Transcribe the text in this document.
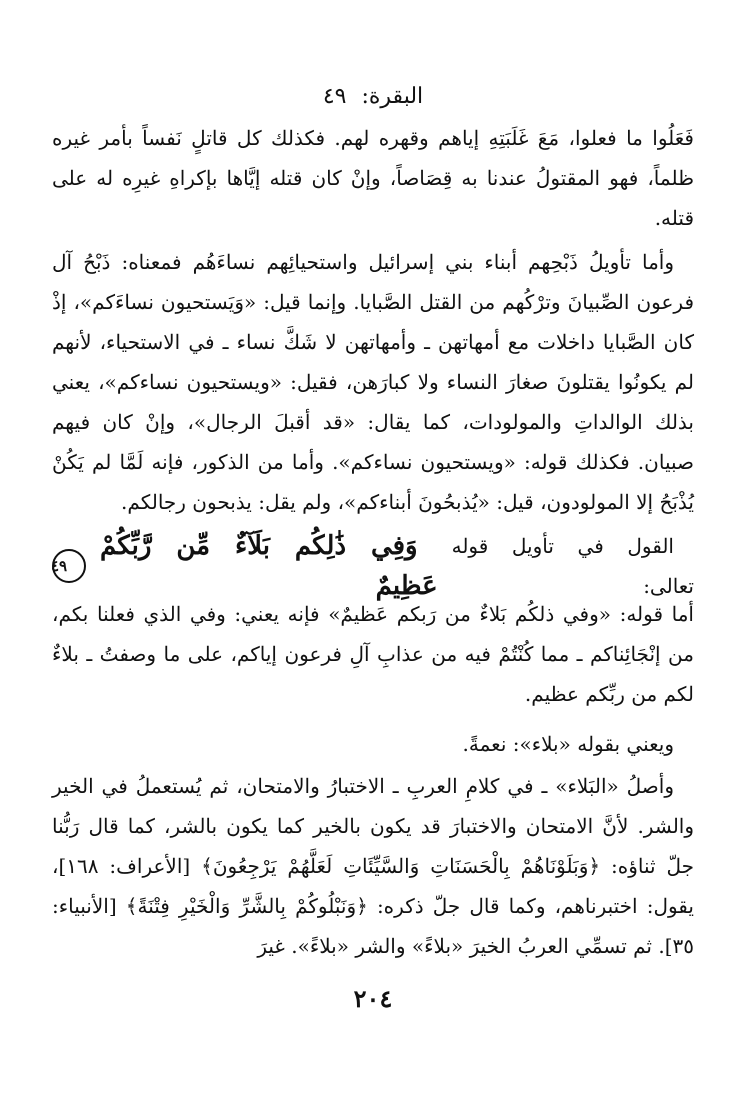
البقرة: ٤٩

فَعَلُوا ما فعلوا، مَعَ غَلَبَتِهِ إياهم وقهره لهم. فكذلك كل قاتلٍ نَفساً بأمر غيره ظلماً، فهو المقتولُ عندنا به قِصَاصاً، وإنْ كان قتله إيَّاها بإكراهِ غيرِه له على قتله.

وأما تأويلُ ذَبْحِهم أبناء بني إسرائيل واستحيائِهم نساءَهُم فمعناه: ذَبْحُ آل فرعون الصِّبيانَ وترْكُهم من القتل الصَّبايا. وإنما قيل: «وَيَستحيون نساءَكم»، إذْ كان الصَّبايا داخلات مع أمهاتهن ـ وأمهاتهن لا شَكَّ نساء ـ في الاستحياء، لأنهم لم يكونُوا يقتلونَ صغارَ النساء ولا كبارَهن، فقيل: «ويستحيون نساءكم»، يعني بذلك الوالداتِ والمولودات، كما يقال: «قد أقبلَ الرجال»، وإنْ كان فيهم صبيان. فكذلك قوله: «ويستحيون نساءكم». وأما من الذكور، فإنه لَمَّا لم يَكُنْ يُذْبَحُ إلا المولودون، قيل: «يُذبحُونَ أبناءكم»، ولم يقل: يذبحون رجالكم.

القول في تأويل قوله تعالى:
وَفِي ذَٰلِكُم بَلَآءٌ مِّن رَّبِّكُمْ عَظِيمٌ
٤٩

أما قوله: «وفي ذلكُم بَلاءٌ من رَبكم عَظيمٌ» فإنه يعني: وفي الذي فعلنا بكم، من إنْجَائِناكم ـ مما كُنْتُمْ فيه من عذابِ آلِ فرعون إياكم، على ما وصفتُ ـ بلاءٌ لكم من ربِّكم عظيم.

ويعني بقوله «بلاء»: نعمةً.

وأصلُ «البَلاء» ـ في كلامِ العربِ ـ الاختبارُ والامتحان، ثم يُستعملُ في الخير والشر. لأنَّ الامتحان والاختبارَ قد يكون بالخير كما يكون بالشر، كما قال رَبُّنا جلّ ثناؤه: ﴿وَبَلَوْنَاهُمْ بِالْحَسَنَاتِ وَالسَّيِّئَاتِ لَعَلَّهُمْ يَرْجِعُونَ﴾ [الأعراف: ١٦٨]، يقول: اختبرناهم، وكما قال جلّ ذكره: ﴿وَنَبْلُوكُمْ بِالشَّرِّ وَالْخَيْرِ فِتْنَةً﴾ [الأنبياء: ٣٥]. ثم تسمِّي العربُ الخيرَ «بلاءً» والشر «بلاءً». غيرَ

٢٠٤
